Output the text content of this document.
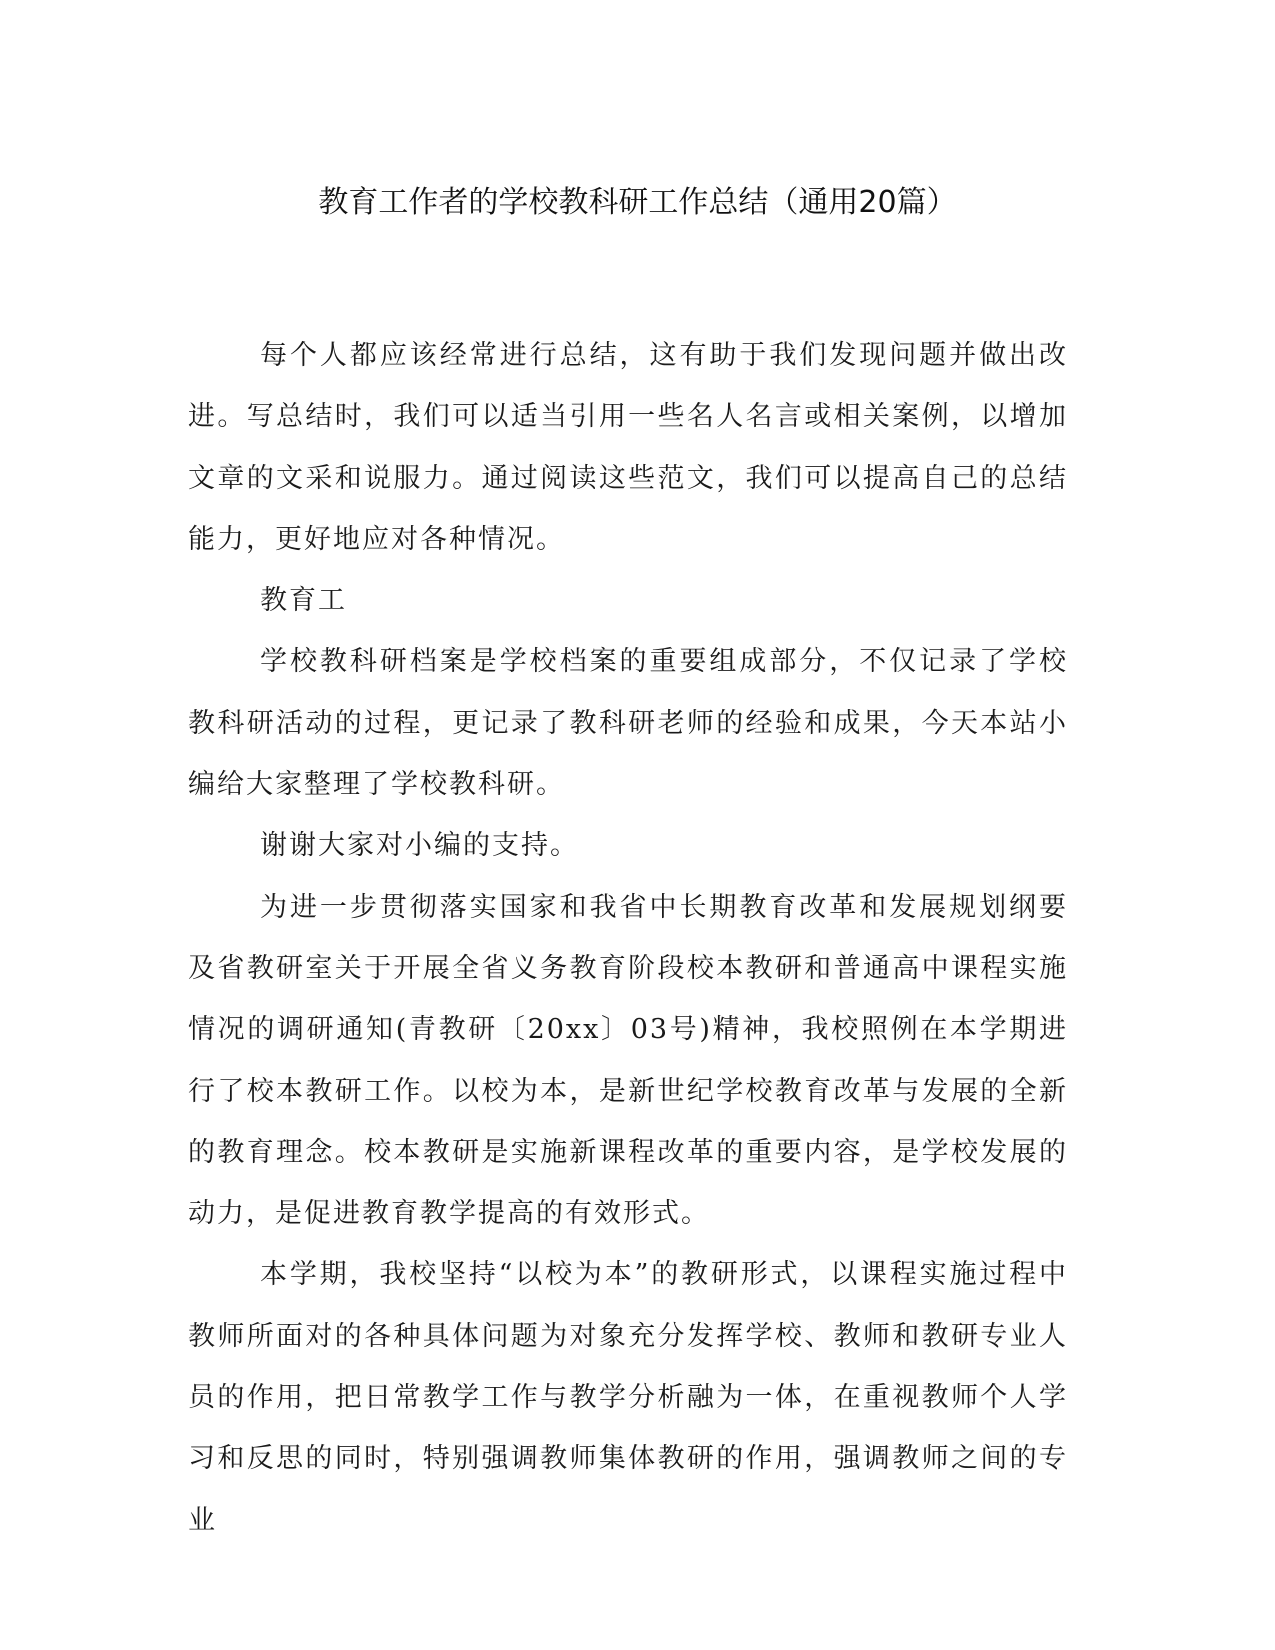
教育工作者的学校教科研工作总结（通用20篇）

每个人都应该经常进行总结，这有助于我们发现问题并做出改进。写总结时，我们可以适当引用一些名人名言或相关案例，以增加文章的文采和说服力。通过阅读这些范文，我们可以提高自己的总结能力，更好地应对各种情况。

教育工

学校教科研档案是学校档案的重要组成部分，不仅记录了学校教科研活动的过程，更记录了教科研老师的经验和成果，今天本站小编给大家整理了学校教科研。

谢谢大家对小编的支持。

为进一步贯彻落实国家和我省中长期教育改革和发展规划纲要及省教研室关于开展全省义务教育阶段校本教研和普通高中课程实施情况的调研通知(青教研〔20xx〕03号)精神，我校照例在本学期进行了校本教研工作。以校为本，是新世纪学校教育改革与发展的全新的教育理念。校本教研是实施新课程改革的重要内容，是学校发展的动力，是促进教育教学提高的有效形式。

本学期，我校坚持“以校为本”的教研形式，以课程实施过程中教师所面对的各种具体问题为对象充分发挥学校、教师和教研专业人员的作用，把日常教学工作与教学分析融为一体，在重视教师个人学习和反思的同时，特别强调教师集体教研的作用，强调教师之间的专业
